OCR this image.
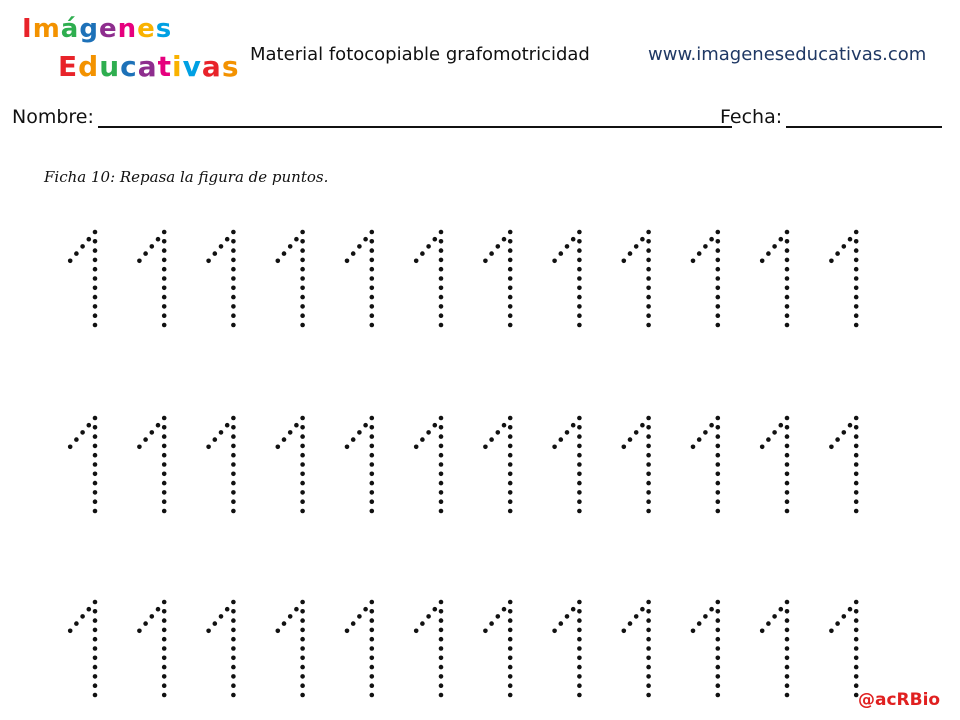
Imágenes
Educativas Material fotocopiable grafomotricidad	www.imageneseducativas.com
Nombre:	Fecha:
Ficha 10: Repasa la figura de puntos.
@acRBio
